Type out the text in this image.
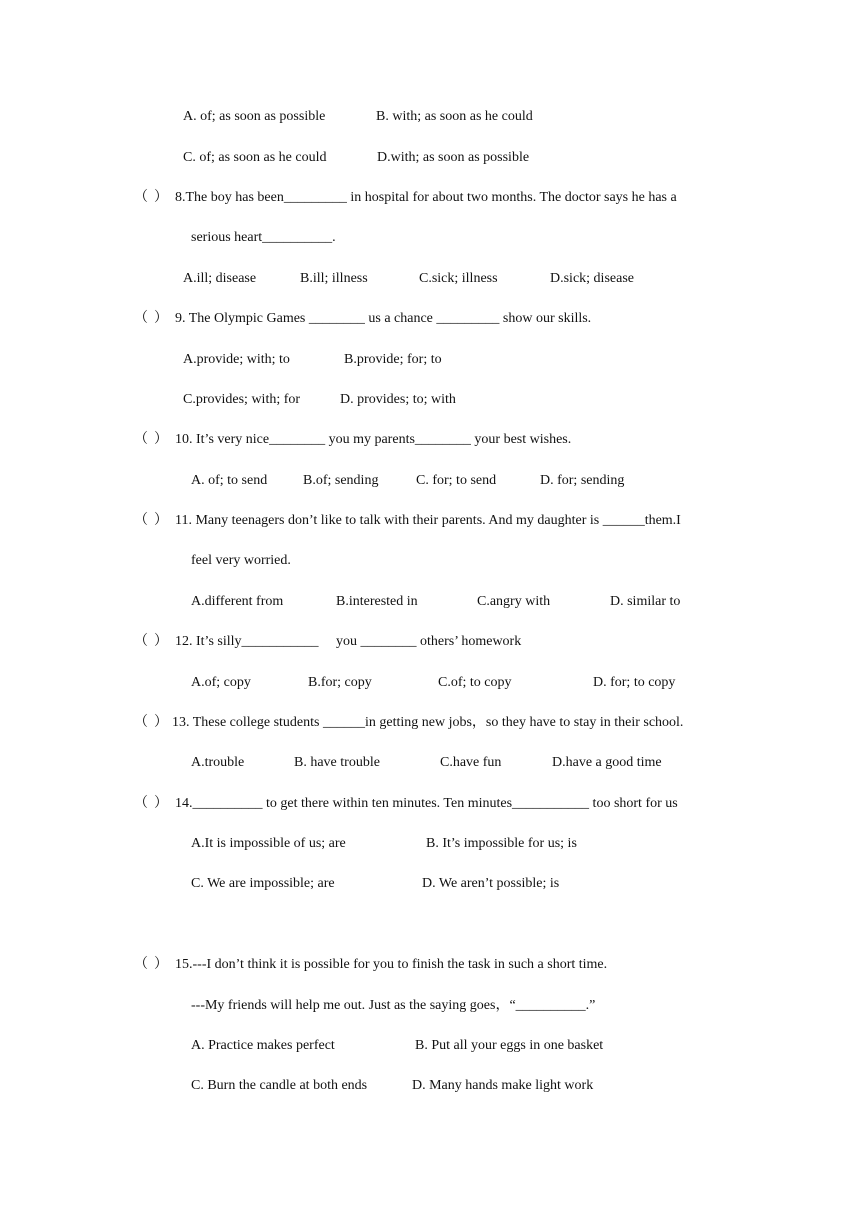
A. of; as soon as possible	B. with; as soon as he could
C. of; as soon as he could	D.with; as soon as possible
（ ） 8.The boy has been_________ in hospital for about two months. The doctor says he has a
serious heart__________.
A.ill; disease	B.ill; illness	C.sick; illness	D.sick; disease
（ ） 9. The Olympic Games ________ us a chance _________ show our skills.
A.provide; with; to	B.provide; for; to
C.provides; with; for	D. provides; to; with
（ ） 10. It’s very nice________ you my parents________ your best wishes.
A. of; to send	B.of; sending	C. for; to send	D. for; sending
（ ） 11. Many teenagers don’t like to talk with their parents. And my daughter is ______them.I
feel very worried.
A.different from	B.interested in	C.angry with	D. similar to
（ ） 12. It’s silly___________     you ________ others’ homework
A.of; copy	B.for; copy	C.of; to copy	D. for; to copy
（ ） 13. These college students ______in getting new jobs，so they have to stay in their school.
A.trouble	B. have trouble	C.have fun	D.have a good time
（ ） 14.__________ to get there within ten minutes. Ten minutes___________ too short for us
A.It is impossible of us; are	B. It’s impossible for us; is
C. We are impossible; are	D. We aren’t possible; is
（ ） 15.---I don’t think it is possible for you to finish the task in such a short time.
---My friends will help me out. Just as the saying goes，“__________.”
A. Practice makes perfect	B. Put all your eggs in one basket
C. Burn the candle at both ends	D. Many hands make light work
